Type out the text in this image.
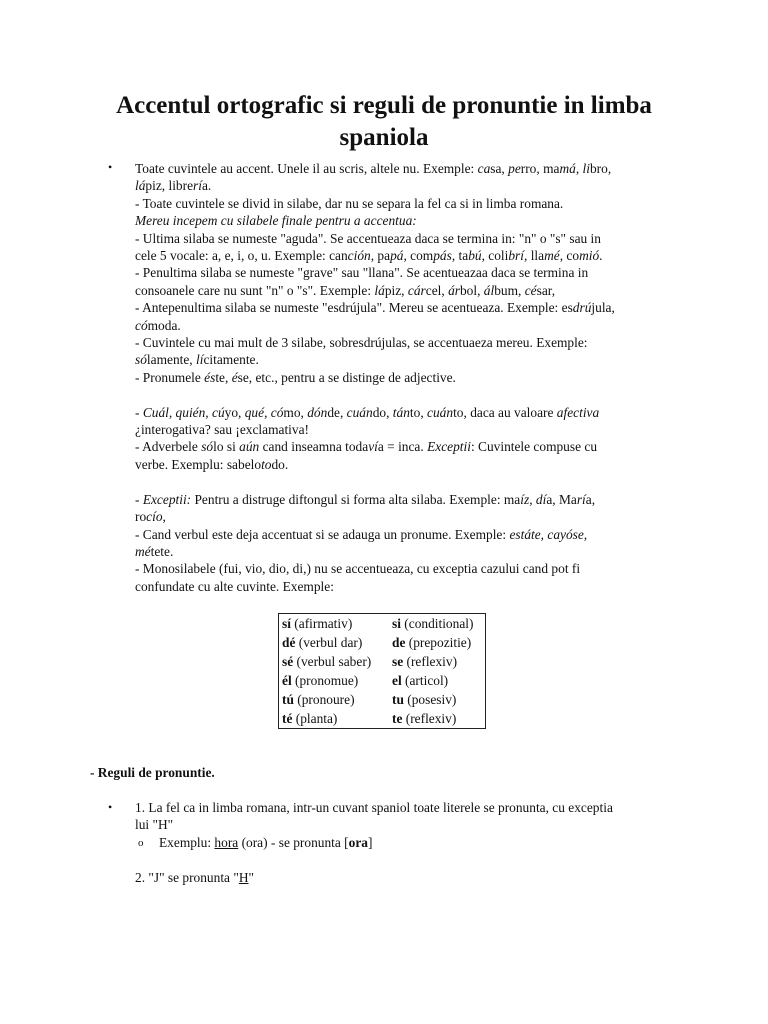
Accentul ortografic si reguli de pronuntie in limba
spaniola
• Toate cuvintele au accent. Unele il au scris, altele nu. Exemple: casa, perro, mamá, libro,
lápiz, librería.
- Toate cuvintele se divid in silabe, dar nu se separa la fel ca si in limba romana.
Mereu incepem cu silabele finale pentru a accentua:
- Ultima silaba se numeste "aguda". Se accentueaza daca se termina in: "n" o "s" sau in
cele 5 vocale: a, e, i, o, u. Exemple: canción, papá, compás, tabú, colibrí, llamé, comió.
- Penultima silaba se numeste "grave" sau "llana". Se acentueazaa daca se termina in
consoanele care nu sunt "n" o "s". Exemple: lápiz, cárcel, árbol, álbum, césar,
- Antepenultima silaba se numeste "esdrújula". Mereu se acentueaza. Exemple: esdrújula,
cómoda.
- Cuvintele cu mai mult de 3 silabe, sobresdrújulas, se accentuaeza mereu. Exemple:
sólamente, lícitamente.
- Pronumele éste, ése, etc., pentru a se distinge de adjective.
- Cuál, quién, cúyo, qué, cómo, dónde, cuándo, tánto, cuánto, daca au valoare afectiva
¿interogativa? sau ¡exclamativa!
- Adverbele sólo si aún cand inseamna todavía = inca. Exceptii: Cuvintele compuse cu
verbe. Exemplu: sabelotodo.
- Exceptii: Pentru a distruge diftongul si forma alta silaba. Exemple: maíz, día, María,
rocío,
- Cand verbul este deja accentuat si se adauga un pronume. Exemple: estáte, cayóse,
métete.
- Monosilabele (fui, vio, dio, di,) nu se accentueaza, cu exceptia cazului cand pot fi
confundate cu alte cuvinte. Exemple:
sí (afirmativ)	si (conditional)
dé (verbul dar)	de (prepozitie)
sé (verbul saber)	se (reflexiv)
él (pronomue)	el (articol)
tú (pronoure)	tu (posesiv)
té (planta)	te (reflexiv)
- Reguli de pronuntie.
• 1. La fel ca in limba romana, intr-un cuvant spaniol toate literele se pronunta, cu exceptia
lui "H"
o Exemplu: hora (ora) - se pronunta [ora]
2. "J" se pronunta "H"
